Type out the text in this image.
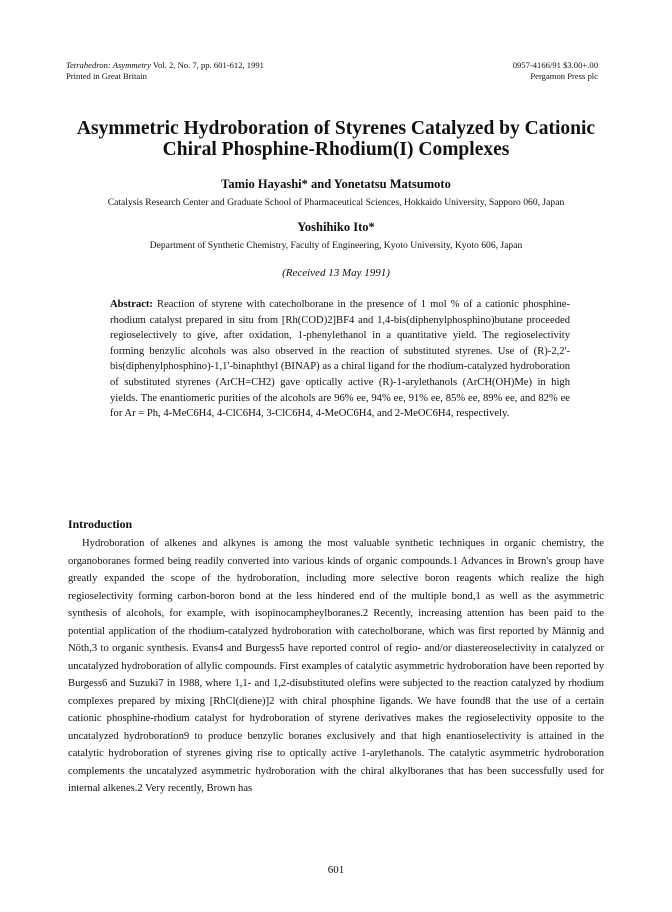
Tetrahedron: Asymmetry Vol. 2, No. 7, pp. 601-612, 1991
Printed in Great Britain
0957-4166/91 $3.00+.00
Pergamon Press plc
Asymmetric Hydroboration of Styrenes Catalyzed by Cationic Chiral Phosphine-Rhodium(I) Complexes
Tamio Hayashi* and Yonetatsu Matsumoto
Catalysis Research Center and Graduate School of Pharmaceutical Sciences, Hokkaido University, Sapporo 060, Japan
Yoshihiko Ito*
Department of Synthetic Chemistry, Faculty of Engineering, Kyoto University, Kyoto 606, Japan
(Received 13 May 1991)
Abstract: Reaction of styrene with catecholborane in the presence of 1 mol % of a cationic phosphine-rhodium catalyst prepared in situ from [Rh(COD)2]BF4 and 1,4-bis(diphenylphosphino)butane proceeded regioselectively to give, after oxidation, 1-phenylethanol in a quantitative yield. The regioselectivity forming benzylic alcohols was also observed in the reaction of substituted styrenes. Use of (R)-2,2'-bis(diphenylphosphino)-1,1'-binaphthyl (BINAP) as a chiral ligand for the rhodium-catalyzed hydroboration of substituted styrenes (ArCH=CH2) gave optically active (R)-1-arylethanols (ArCH(OH)Me) in high yields. The enantiomeric purities of the alcohols are 96% ee, 94% ee, 91% ee, 85% ee, 89% ee, and 82% ee for Ar = Ph, 4-MeC6H4, 4-ClC6H4, 3-ClC6H4, 4-MeOC6H4, and 2-MeOC6H4, respectively.
Introduction

Hydroboration of alkenes and alkynes is among the most valuable synthetic techniques in organic chemistry, the organoboranes formed being readily converted into various kinds of organic compounds.1 Advances in Brown's group have greatly expanded the scope of the hydroboration, including more selective boron reagents which realize the high regioselectivity forming carbon-boron bond at the less hindered end of the multiple bond,1 as well as the asymmetric synthesis of alcohols, for example, with isopinocampheylboranes.2 Recently, increasing attention has been paid to the potential application of the rhodium-catalyzed hydroboration with catecholborane, which was first reported by Männig and Nöth,3 to organic synthesis. Evans4 and Burgess5 have reported control of regio- and/or diastereoselectivity in catalyzed or uncatalyzed hydroboration of allylic compounds. First examples of catalytic asymmetric hydroboration have been reported by Burgess6 and Suzuki7 in 1988, where 1,1- and 1,2-disubstituted olefins were subjected to the reaction catalyzed by rhodium complexes prepared by mixing [RhCl(diene)]2 with chiral phosphine ligands. We have found8 that the use of a certain cationic phosphine-rhodium catalyst for hydroboration of styrene derivatives makes the regioselectivity opposite to the uncatalyzed hydroboration9 to produce benzylic boranes exclusively and that high enantioselectivity is attained in the catalytic hydroboration of styrenes giving rise to optically active 1-arylethanols. The catalytic asymmetric hydroboration complements the uncatalyzed asymmetric hydroboration with the chiral alkylboranes that has been successfully used for internal alkenes.2 Very recently, Brown has

601
